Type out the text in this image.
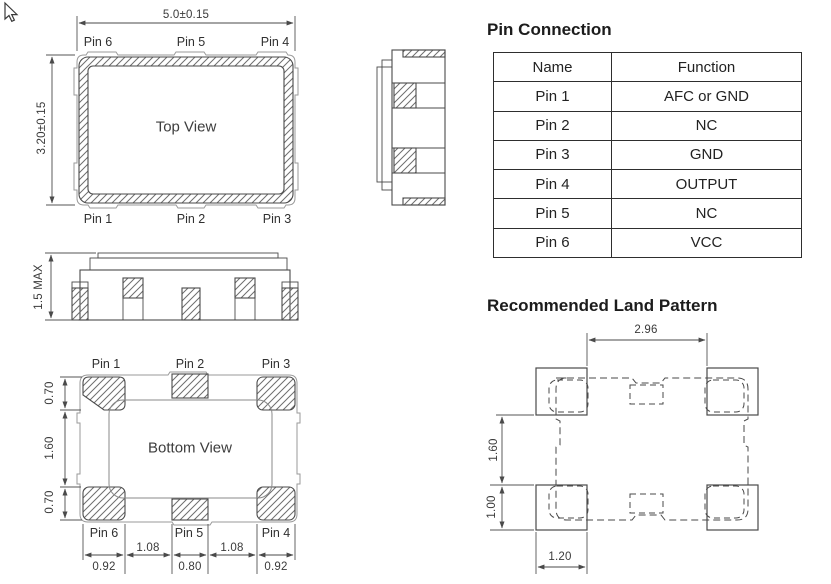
5.0±0.15
3.20±0.15
Pin 6	Pin 5	Pin 4
Top View
Pin 1	Pin 2	Pin 3
1.5 MAX
Pin 1	Pin 2	Pin 3
0.70
1.60
0.70
Bottom View
Pin 6	Pin 5	Pin 4
1.08	1.08
0.92	0.80	0.92
Pin Connection
Name	Function
Pin 1	AFC or GND
Pin 2	NC
Pin 3	GND
Pin 4	OUTPUT
Pin 5	NC
Pin 6	VCC
Recommended Land Pattern
2.96
1.60
1.00
1.20
